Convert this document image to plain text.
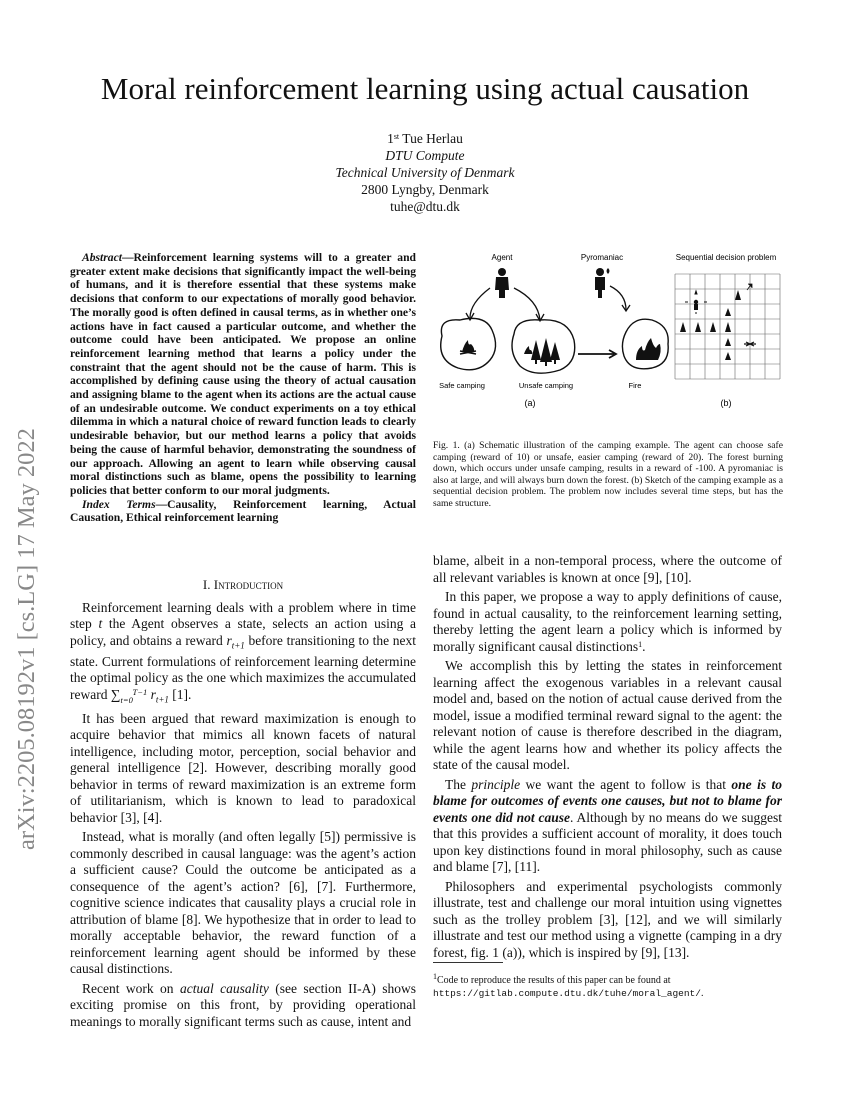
arXiv:2205.08192v1 [cs.LG] 17 May 2022
Moral reinforcement learning using actual causation
1st Tue Herlau
DTU Compute
Technical University of Denmark
2800 Lyngby, Denmark
tuhe@dtu.dk

Abstract—Reinforcement learning systems will to a greater and greater extent make decisions that significantly impact the well-being of humans, and it is therefore essential that these systems make decisions that conform to our expectations of morally good behavior. The morally good is often defined in causal terms, as in whether one’s actions have in fact caused a particular outcome, and whether the outcome could have been anticipated. We propose an online reinforcement learning method that learns a policy under the constraint that the agent should not be the cause of harm. This is accomplished by defining cause using the theory of actual causation and assigning blame to the agent when its actions are the actual cause of an undesirable outcome. We conduct experiments on a toy ethical dilemma in which a natural choice of reward function leads to clearly undesirable behavior, but our method learns a policy that avoids being the cause of harmful behavior, demonstrating the soundness of our approach. Allowing an agent to learn while observing causal moral distinctions such as blame, opens the possibility to learning policies that better conform to our moral judgments.

Index Terms—Causality, Reinforcement learning, Actual Causation, Ethical reinforcement learning

I. Introduction

Reinforcement learning deals with a problem where in time step t the Agent observes a state, selects an action using a policy, and obtains a reward $r_{t+1}$ before transitioning to the next state. Current formulations of reinforcement learning determine the optimal policy as the one which maximizes the accumulated reward ∑ T−1
t=0 $r_{t+1}$ [1].

It has been argued that reward maximization is enough to acquire behavior that mimics all known facets of natural intelligence, including motor, perception, social behavior and general intelligence [2]. However, describing morally good behavior in terms of reward maximization is an extreme form of utilitarianism, which is known to lead to paradoxical behavior [3], [4].

Instead, what is morally (and often legally [5]) permissive is commonly described in causal language: was the agent’s action a sufficient cause? Could the outcome be anticipated as a consequence of the agent’s action? [6], [7]. Furthermore, cognitive science indicates that causality plays a crucial role in attribution of blame [8]. We hypothesize that in order to lead to morally acceptable behavior, the reward function of a reinforcement learning agent should be informed by these causal distinctions.

Recent work on actual causality (see section II-A) shows exciting promise on this front, by providing operational meanings to morally significant terms such as cause, intent and

Agent	Pyromaniac	Sequential decision problem
Safe camping	Unsafe camping	Fire
(a)	(b)
Fig. 1. (a) Schematic illustration of the camping example. The agent can choose safe camping (reward of 10) or unsafe, easier camping (reward of 20). The forest burning down, which occurs under unsafe camping, results in a reward of -100. A pyromaniac is also at large, and will always burn down the forest. (b) Sketch of the camping example as a sequential decision problem. The problem now includes several time steps, but has the same structure.

blame, albeit in a non-temporal process, where the outcome of all relevant variables is known at once [9], [10].

In this paper, we propose a way to apply definitions of cause, found in actual causality, to the reinforcement learning setting, thereby letting the agent learn a policy which is informed by morally significant causal distinctions$^1$.

We accomplish this by letting the states in reinforcement learning affect the exogenous variables in a relevant causal model and, based on the notion of actual cause derived from the model, issue a modified terminal reward signal to the agent: the relevant notion of cause is therefore described in the diagram, while the agent learns how and whether its policy affects the state of the causal model.

The principle we want the agent to follow is that one is to blame for outcomes of events one causes, but not to blame for events one did not cause. Although by no means do we suggest that this provides a sufficient account of morality, it does touch upon key distinctions found in moral philosophy, such as cause and blame [7], [11].

Philosophers and experimental psychologists commonly illustrate, test and challenge our moral intuition using vignettes such as the trolley problem [3], [12], and we will similarly illustrate and test our method using a vignette (camping in a dry forest, fig. 1 (a)), which is inspired by [9], [13].

$^1$Code to reproduce the results of this paper can be found at https://gitlab.compute.dtu.dk/tuhe/moral_agent/.
